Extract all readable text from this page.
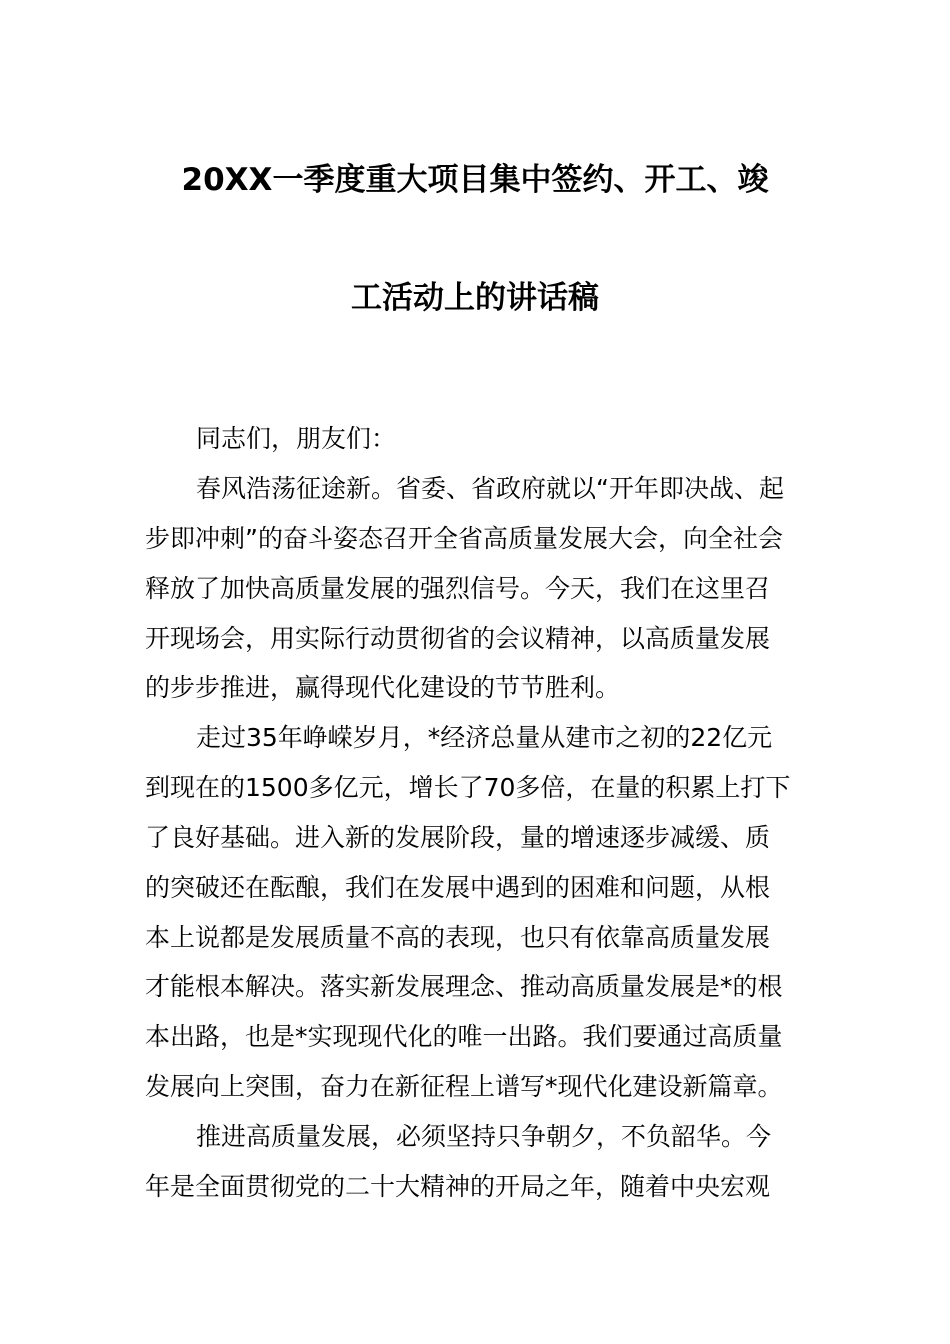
20XX一季度重大项目集中签约、开工、竣
工活动上的讲话稿
同志们，朋友们：
春风浩荡征途新。省委、省政府就以“开年即决战、起
步即冲刺”的奋斗姿态召开全省高质量发展大会，向全社会
释放了加快高质量发展的强烈信号。今天，我们在这里召
开现场会，用实际行动贯彻省的会议精神，以高质量发展
的步步推进，赢得现代化建设的节节胜利。
走过35年峥嵘岁月，*经济总量从建市之初的22亿元
到现在的1500多亿元，增长了70多倍，在量的积累上打下
了良好基础。进入新的发展阶段，量的增速逐步减缓、质
的突破还在酝酿，我们在发展中遇到的困难和问题，从根
本上说都是发展质量不高的表现，也只有依靠高质量发展
才能根本解决。落实新发展理念、推动高质量发展是*的根
本出路，也是*实现现代化的唯一出路。我们要通过高质量
发展向上突围，奋力在新征程上谱写*现代化建设新篇章。
推进高质量发展，必须坚持只争朝夕，不负韶华。今
年是全面贯彻党的二十大精神的开局之年，随着中央宏观
